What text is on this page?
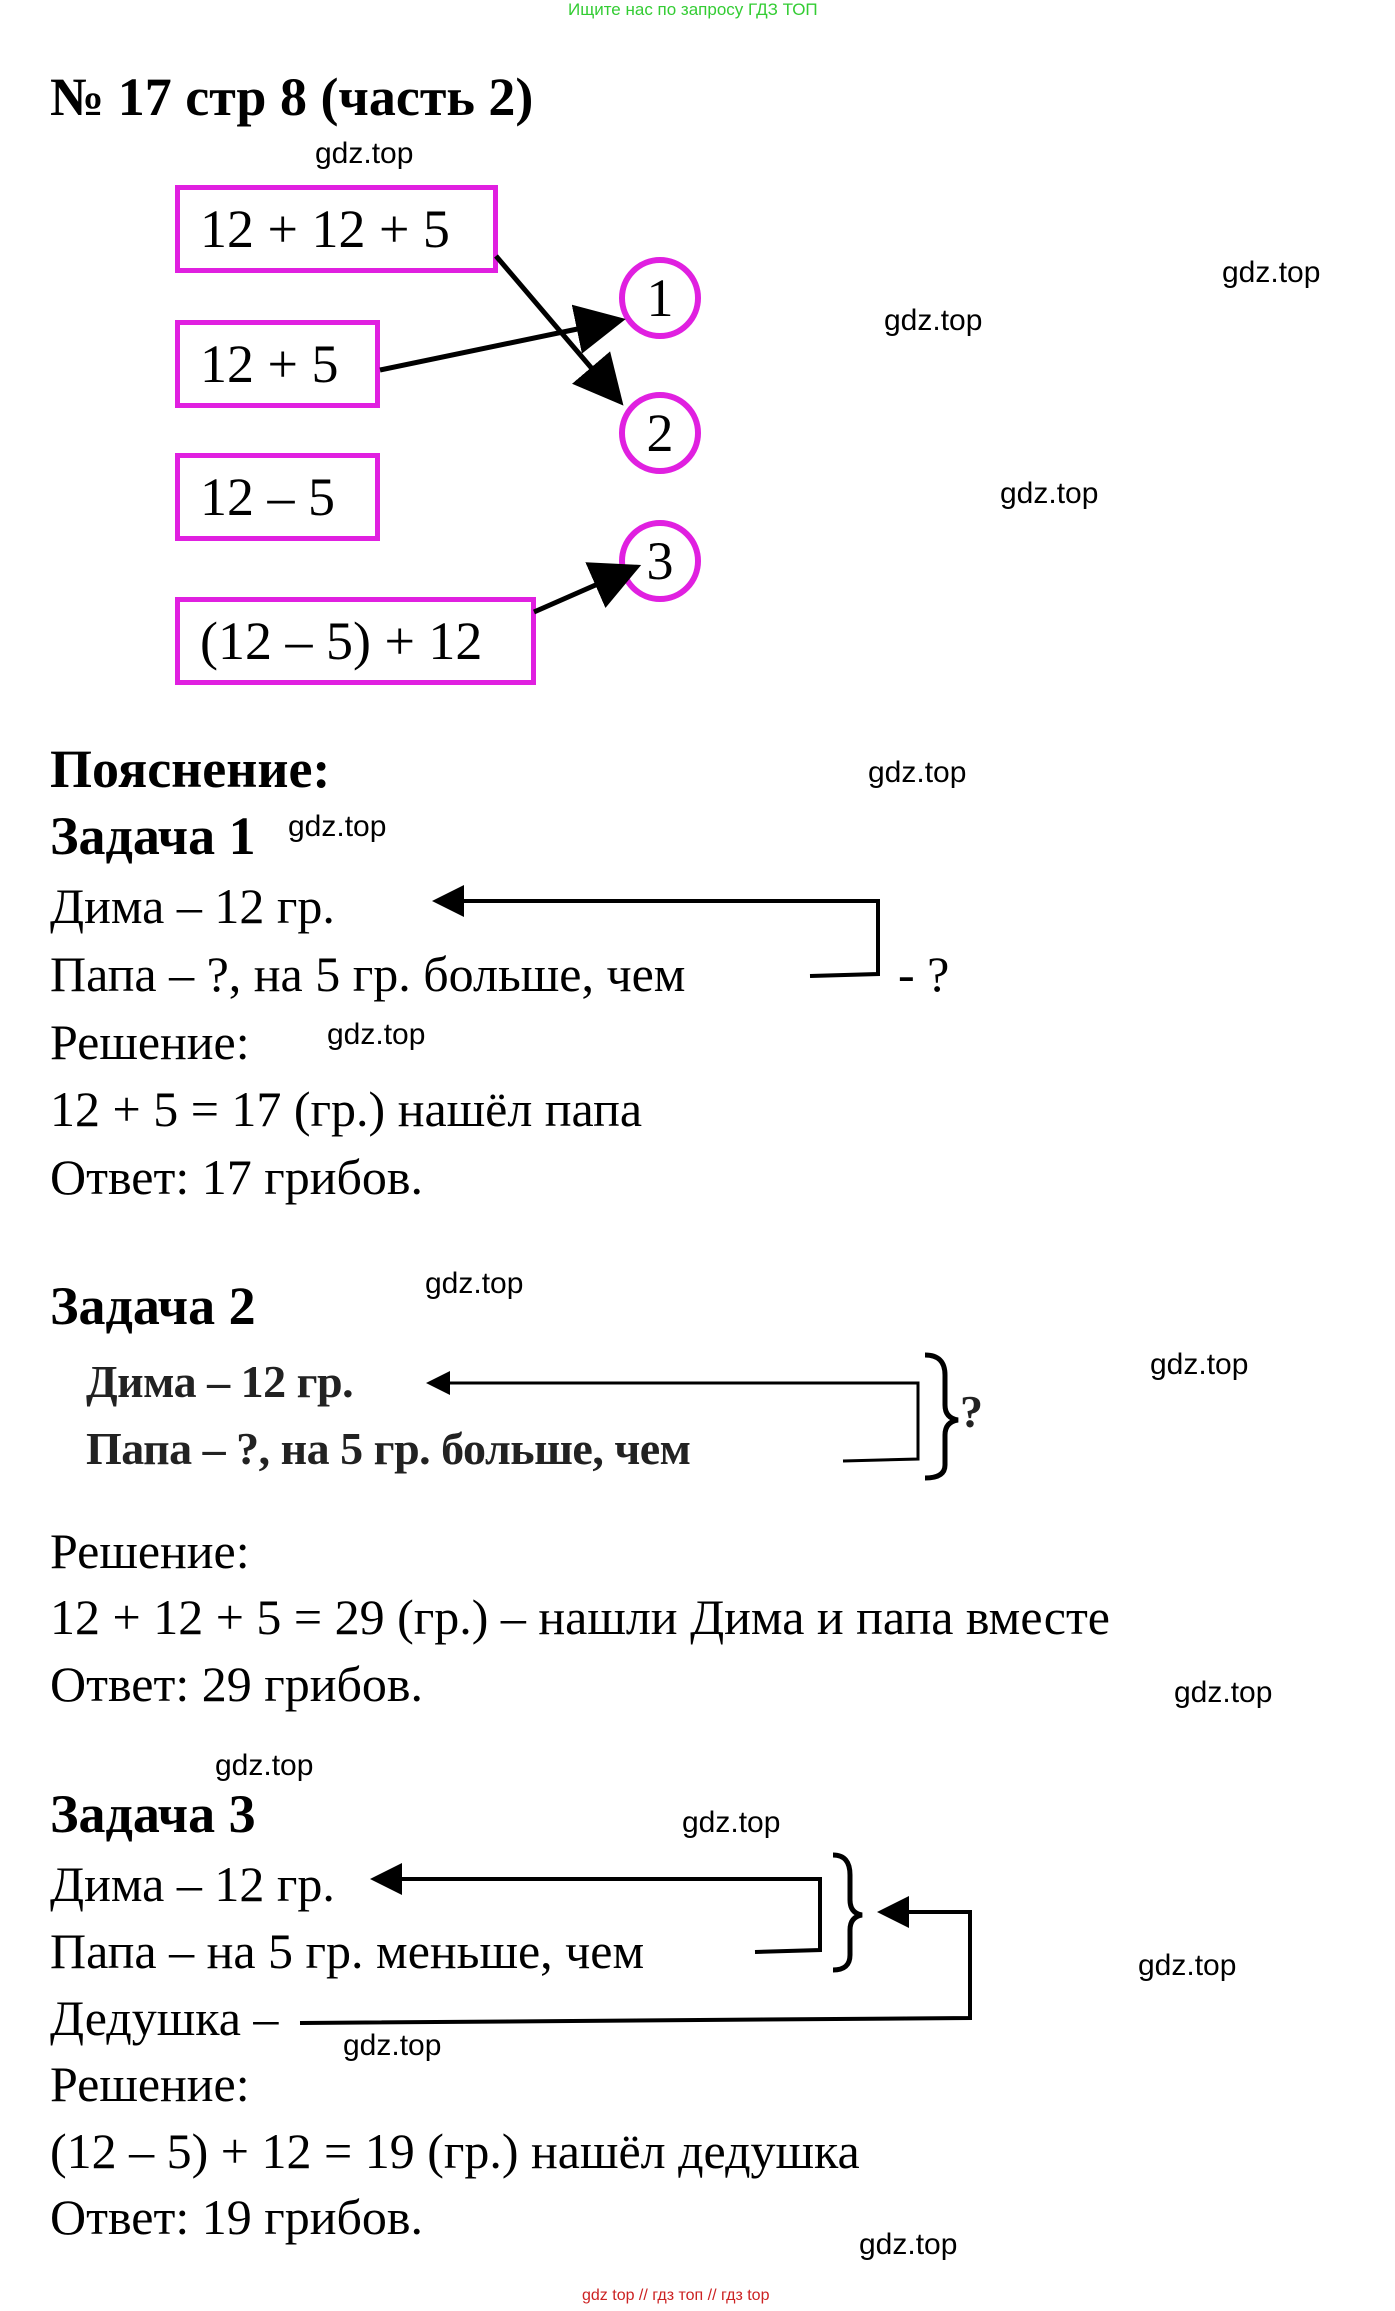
Ищите нас по запросу ГДЗ ТОП
№ 17 стр 8 (часть 2)
gdz.top
gdz.top
gdz.top
gdz.top
gdz.top
gdz.top
gdz.top
gdz.top
gdz.top
gdz.top
gdz.top
gdz.top
gdz.top
gdz.top
gdz.top
12 + 12 + 5
12 + 5
12 – 5
(12 – 5) + 12
1
2
3
Пояснение:
Задача 1
Дима – 12 гр.
Папа – ?, на 5 гр. больше, чем	- ?
Решение:
12 + 5 = 17 (гр.) нашёл папа
Ответ: 17 грибов.
Задача 2
Дима – 12 гр.
Папа – ?, на 5 гр. больше, чем
?
Решение:
12 + 12 + 5 = 29 (гр.) – нашли Дима и папа вместе
Ответ: 29 грибов.
Задача 3
Дима – 12 гр.
Папа – на 5 гр. меньше, чем
Дедушка –
Решение:
(12 – 5) + 12 = 19 (гр.) нашёл дедушка
Ответ: 19 грибов.
gdz top // гдз топ // гдз top
